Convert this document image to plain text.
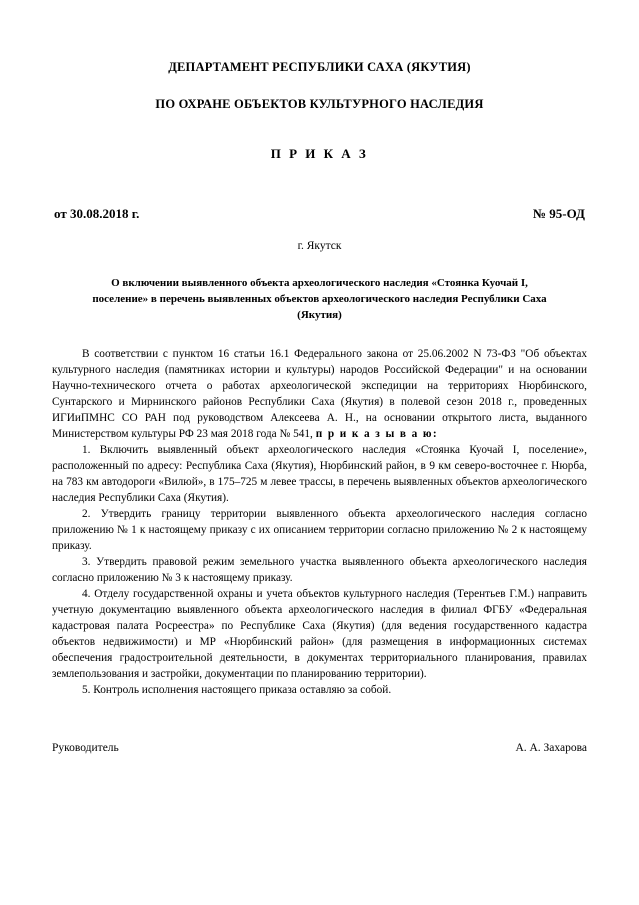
ДЕПАРТАМЕНТ РЕСПУБЛИКИ САХА (ЯКУТИЯ)
ПО ОХРАНЕ ОБЪЕКТОВ КУЛЬТУРНОГО НАСЛЕДИЯ
П Р И К А З
от 30.08.2018 г.	№ 95-ОД
г. Якутск
О включении выявленного объекта археологического наследия «Стоянка Куочай I, поселение» в перечень выявленных объектов археологического наследия Республики Саха (Якутия)

В соответствии с пунктом 16 статьи 16.1 Федерального закона от 25.06.2002 N 73-ФЗ "Об объектах культурного наследия (памятниках истории и культуры) народов Российской Федерации" и на основании Научно-технического отчета о работах археологической экспедиции на территориях Нюрбинского, Сунтарского и Мирнинского районов Республики Саха (Якутия) в полевой сезон 2018 г., проведенных ИГИиПМНС СО РАН под руководством Алексеева А. Н., на основании открытого листа, выданного Министерством культуры РФ 23 мая 2018 года № 541, п р и к а з ы в а ю:

1. Включить выявленный объект археологического наследия «Стоянка Куочай I, поселение», расположенный по адресу: Республика Саха (Якутия), Нюрбинский район, в 9 км северо-восточнее г. Нюрба, на 783 км автодороги «Вилюй», в 175–725 м левее трассы, в перечень выявленных объектов археологического наследия Республики Саха (Якутия).

2. Утвердить границу территории выявленного объекта археологического наследия согласно приложению № 1 к настоящему приказу с их описанием территории согласно приложению № 2 к настоящему приказу.

3. Утвердить правовой режим земельного участка выявленного объекта археологического наследия согласно приложению № 3 к настоящему приказу.

4. Отделу государственной охраны и учета объектов культурного наследия (Терентьев Г.М.) направить учетную документацию выявленного объекта археологического наследия в филиал ФГБУ «Федеральная кадастровая палата Росреестра» по Республике Саха (Якутия) (для ведения государственного кадастра объектов недвижимости) и МР «Нюрбинский район» (для размещения в информационных системах обеспечения градостроительной деятельности, в документах территориального планирования, правилах землепользования и застройки, документации по планированию территории).

5. Контроль исполнения настоящего приказа оставляю за собой.

Руководитель	А. А. Захарова
